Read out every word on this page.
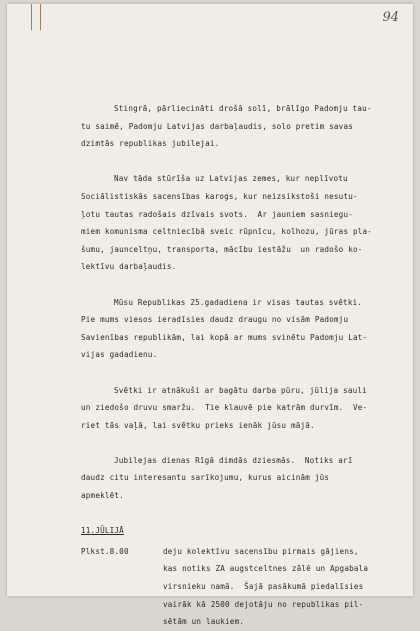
94
Stingrā, pārliecināti drošā solī, brālīgo Padomju tau-
tu saimē, Padomju Latvijas darbaļaudis, solo pretim savas
dzimtās republikas jubilejai.
Nav tāda stūrīša uz Latvijas zemes, kur neplīvotu
Sociālistiskās sacensības karogs, kur neizsikstoši nesutu-
ļotu tautas radošais dzīvais svots.  Ar jauniem sasniegu-
miem komunisma celtniecībā sveic rūpnīcu, kolhozu, jūras pla-
šumu, jaunceltņu, transporta, mācību iestāžu  un radošo ko-
lektīvu darbaļaudis.
Mūsu Republikas 25.gadadiena ir visas tautas svētki.
Pie mums viesos ieradīsies daudz draugu no visām Padomju
Savienības republikām, lai kopā ar mums svinētu Padomju Lat-
vijas gadadienu.
Svētki ir atnākuši ar bagātu darba pūru, jūlija sauli
un ziedošo druvu smaržu.  Tie klauvē pie katrām durvīm.  Ve-
riet tās vaļā, lai svētku prieks ienāk jūsu mājā.
Jubilejas dienas Rīgā dimdās dziesmās.  Notiks arī
daudz citu interesantu sarīkojumu, kurus aicinām jūs
apmeklēt.
11.JŪLIJĀ
Plkst.8.00	deju kolektīvu sacensību pirmais gājiens,
kas notiks ZA augstceltnes zālē un Apgabala
virsnieku namā.  Šajā pasākumā piedalīsies
vairāk kā 2500 dejotāju no republikas pil-
sētām un laukiem.
